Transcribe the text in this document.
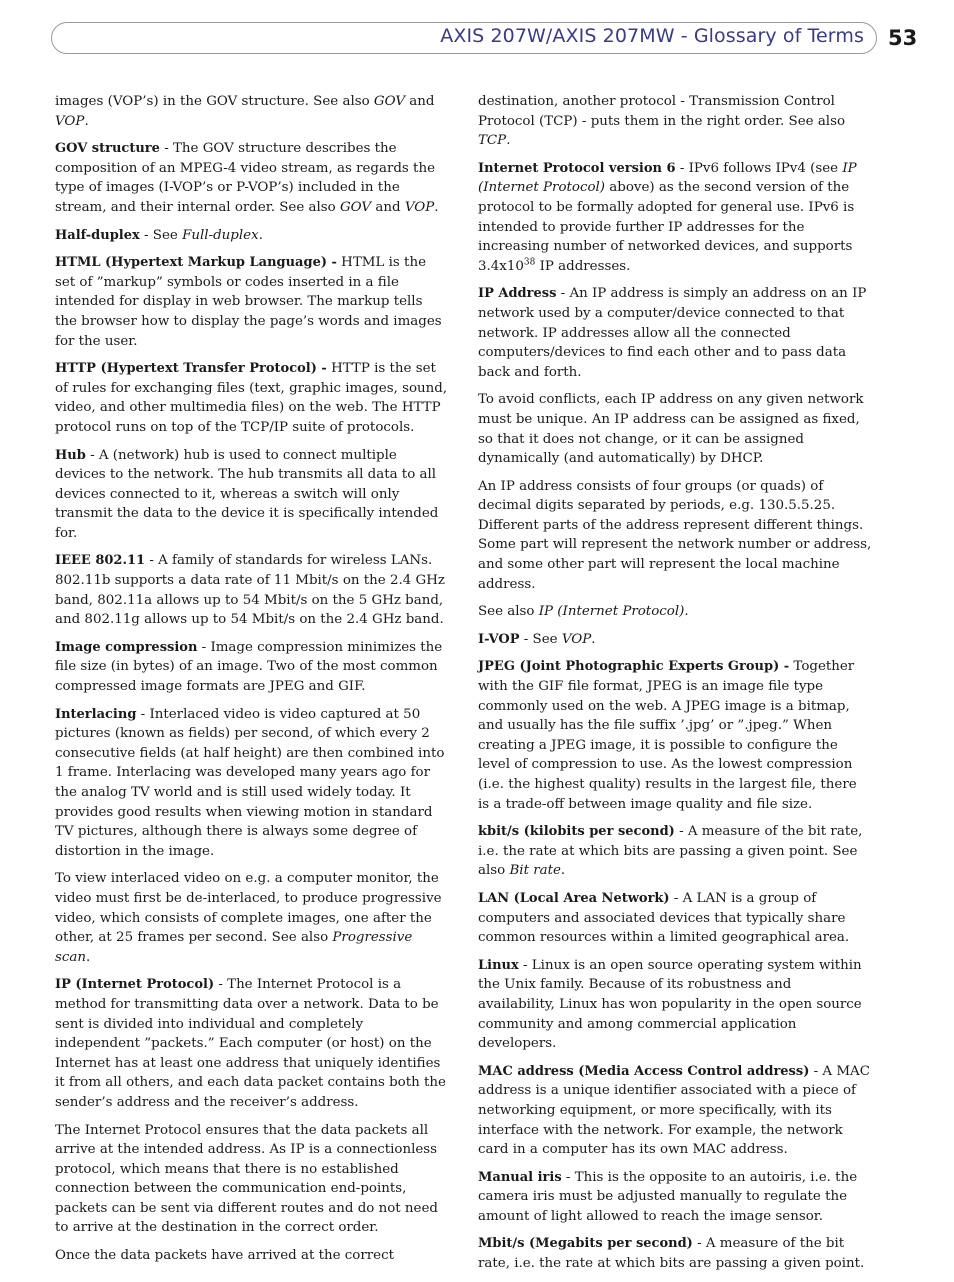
AXIS 207W/AXIS 207MW - Glossary of Terms 53

images (VOP’s) in the GOV structure. See also GOV and VOP.

GOV structure - The GOV structure describes the composition of an MPEG-4 video stream, as regards the type of images (I-VOP’s or P-VOP’s) included in the stream, and their internal order. See also GOV and VOP.

Half-duplex - See Full-duplex.

HTML (Hypertext Markup Language) - HTML is the set of ”markup” symbols or codes inserted in a file intended for display in web browser. The markup tells the browser how to display the page’s words and images for the user.

HTTP (Hypertext Transfer Protocol) - HTTP is the set of rules for exchanging files (text, graphic images, sound, video, and other multimedia files) on the web. The HTTP protocol runs on top of the TCP/IP suite of protocols.

Hub - A (network) hub is used to connect multiple devices to the network. The hub transmits all data to all devices connected to it, whereas a switch will only transmit the data to the device it is specifically intended for.

IEEE 802.11 - A family of standards for wireless LANs. 802.11b supports a data rate of 11 Mbit/s on the 2.4 GHz band, 802.11a allows up to 54 Mbit/s on the 5 GHz band, and 802.11g allows up to 54 Mbit/s on the 2.4 GHz band.

Image compression - Image compression minimizes the file size (in bytes) of an image. Two of the most common compressed image formats are JPEG and GIF.

Interlacing - Interlaced video is video captured at 50 pictures (known as fields) per second, of which every 2 consecutive fields (at half height) are then combined into 1 frame. Interlacing was developed many years ago for the analog TV world and is still used widely today. It provides good results when viewing motion in standard TV pictures, although there is always some degree of distortion in the image.

To view interlaced video on e.g. a computer monitor, the video must first be de-interlaced, to produce progressive video, which consists of complete images, one after the other, at 25 frames per second. See also Progressive scan.

IP (Internet Protocol) - The Internet Protocol is a method for transmitting data over a network. Data to be sent is divided into individual and completely independent ”packets.” Each computer (or host) on the Internet has at least one address that uniquely identifies it from all others, and each data packet contains both the sender’s address and the receiver’s address.

The Internet Protocol ensures that the data packets all arrive at the intended address. As IP is a connectionless protocol, which means that there is no established connection between the communication end-points, packets can be sent via different routes and do not need to arrive at the destination in the correct order.

Once the data packets have arrived at the correct

destination, another protocol - Transmission Control Protocol (TCP) - puts them in the right order. See also TCP.

Internet Protocol version 6 - IPv6 follows IPv4 (see IP (Internet Protocol) above) as the second version of the protocol to be formally adopted for general use. IPv6 is intended to provide further IP addresses for the increasing number of networked devices, and supports $3.4x10^{38}$ IP addresses.

IP Address - An IP address is simply an address on an IP network used by a computer/device connected to that network. IP addresses allow all the connected computers/devices to find each other and to pass data back and forth.

To avoid conflicts, each IP address on any given network must be unique. An IP address can be assigned as fixed, so that it does not change, or it can be assigned dynamically (and automatically) by DHCP.

An IP address consists of four groups (or quads) of decimal digits separated by periods, e.g. 130.5.5.25. Different parts of the address represent different things. Some part will represent the network number or address, and some other part will represent the local machine address.

See also IP (Internet Protocol).

I-VOP - See VOP.

JPEG (Joint Photographic Experts Group) - Together with the GIF file format, JPEG is an image file type commonly used on the web. A JPEG image is a bitmap, and usually has the file suffix ’.jpg’ or ”.jpeg.” When creating a JPEG image, it is possible to configure the level of compression to use. As the lowest compression (i.e. the highest quality) results in the largest file, there is a trade-off between image quality and file size.

kbit/s (kilobits per second) - A measure of the bit rate, i.e. the rate at which bits are passing a given point. See also Bit rate.

LAN (Local Area Network) - A LAN is a group of computers and associated devices that typically share common resources within a limited geographical area.

Linux - Linux is an open source operating system within the Unix family. Because of its robustness and availability, Linux has won popularity in the open source community and among commercial application developers.

MAC address (Media Access Control address) - A MAC address is a unique identifier associated with a piece of networking equipment, or more specifically, with its interface with the network. For example, the network card in a computer has its own MAC address.

Manual iris - This is the opposite to an autoiris, i.e. the camera iris must be adjusted manually to regulate the amount of light allowed to reach the image sensor.

Mbit/s (Megabits per second) - A measure of the bit rate, i.e. the rate at which bits are passing a given point.
